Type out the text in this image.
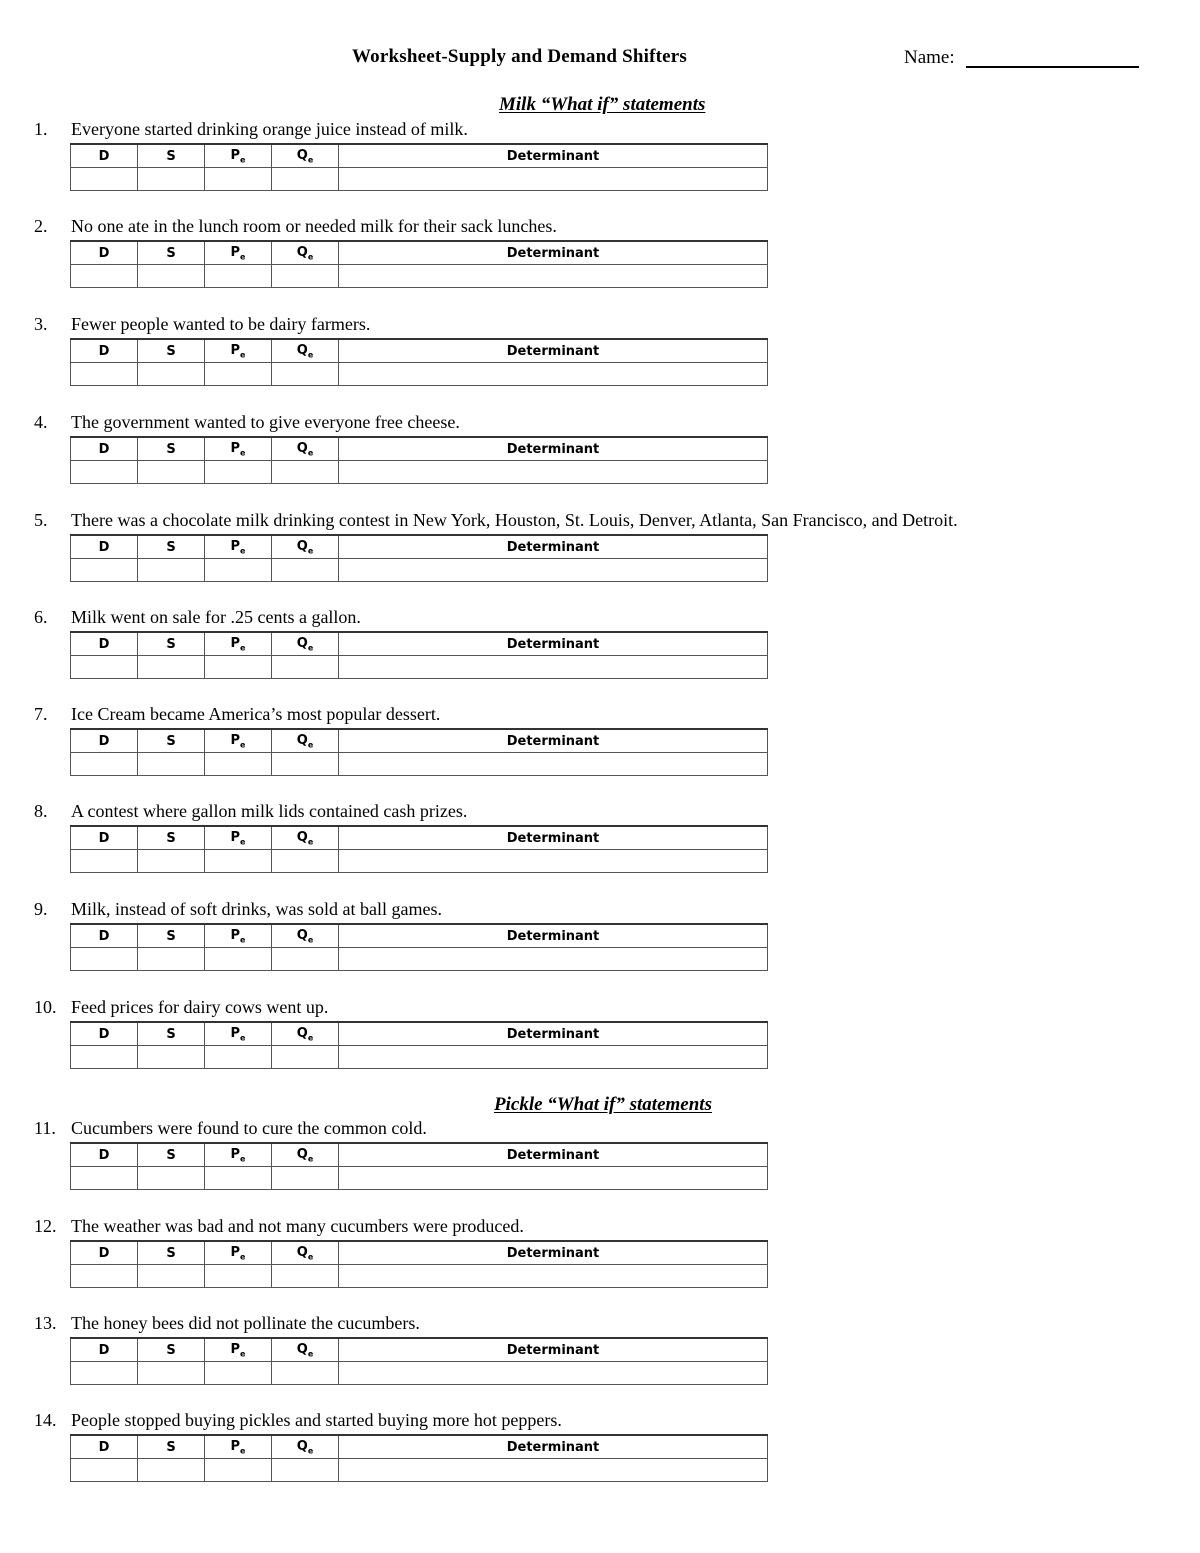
Worksheet-Supply and Demand Shifters	Name:
Milk “What if” statements
Pickle “What if” statements
1. Everyone started drinking orange juice instead of milk.
D	S	$P_e$	$Q_e$	Determinant

2. No one ate in the lunch room or needed milk for their sack lunches.
D	S	$P_e$	$Q_e$	Determinant

3. Fewer people wanted to be dairy farmers.
D	S	$P_e$	$Q_e$	Determinant

4. The government wanted to give everyone free cheese.
D	S	$P_e$	$Q_e$	Determinant

5. There was a chocolate milk drinking contest in New York, Houston, St. Louis, Denver, Atlanta, San Francisco, and Detroit.
D	S	$P_e$	$Q_e$	Determinant

6. Milk went on sale for .25 cents a gallon.
D	S	$P_e$	$Q_e$	Determinant

7. Ice Cream became America’s most popular dessert.
D	S	$P_e$	$Q_e$	Determinant

8. A contest where gallon milk lids contained cash prizes.
D	S	$P_e$	$Q_e$	Determinant

9. Milk, instead of soft drinks, was sold at ball games.
D	S	$P_e$	$Q_e$	Determinant

10. Feed prices for dairy cows went up.
D	S	$P_e$	$Q_e$	Determinant

11. Cucumbers were found to cure the common cold.
D	S	$P_e$	$Q_e$	Determinant

12. The weather was bad and not many cucumbers were produced.
D	S	$P_e$	$Q_e$	Determinant

13. The honey bees did not pollinate the cucumbers.
D	S	$P_e$	$Q_e$	Determinant

14. People stopped buying pickles and started buying more hot peppers.
D	S	$P_e$	$Q_e$	Determinant
